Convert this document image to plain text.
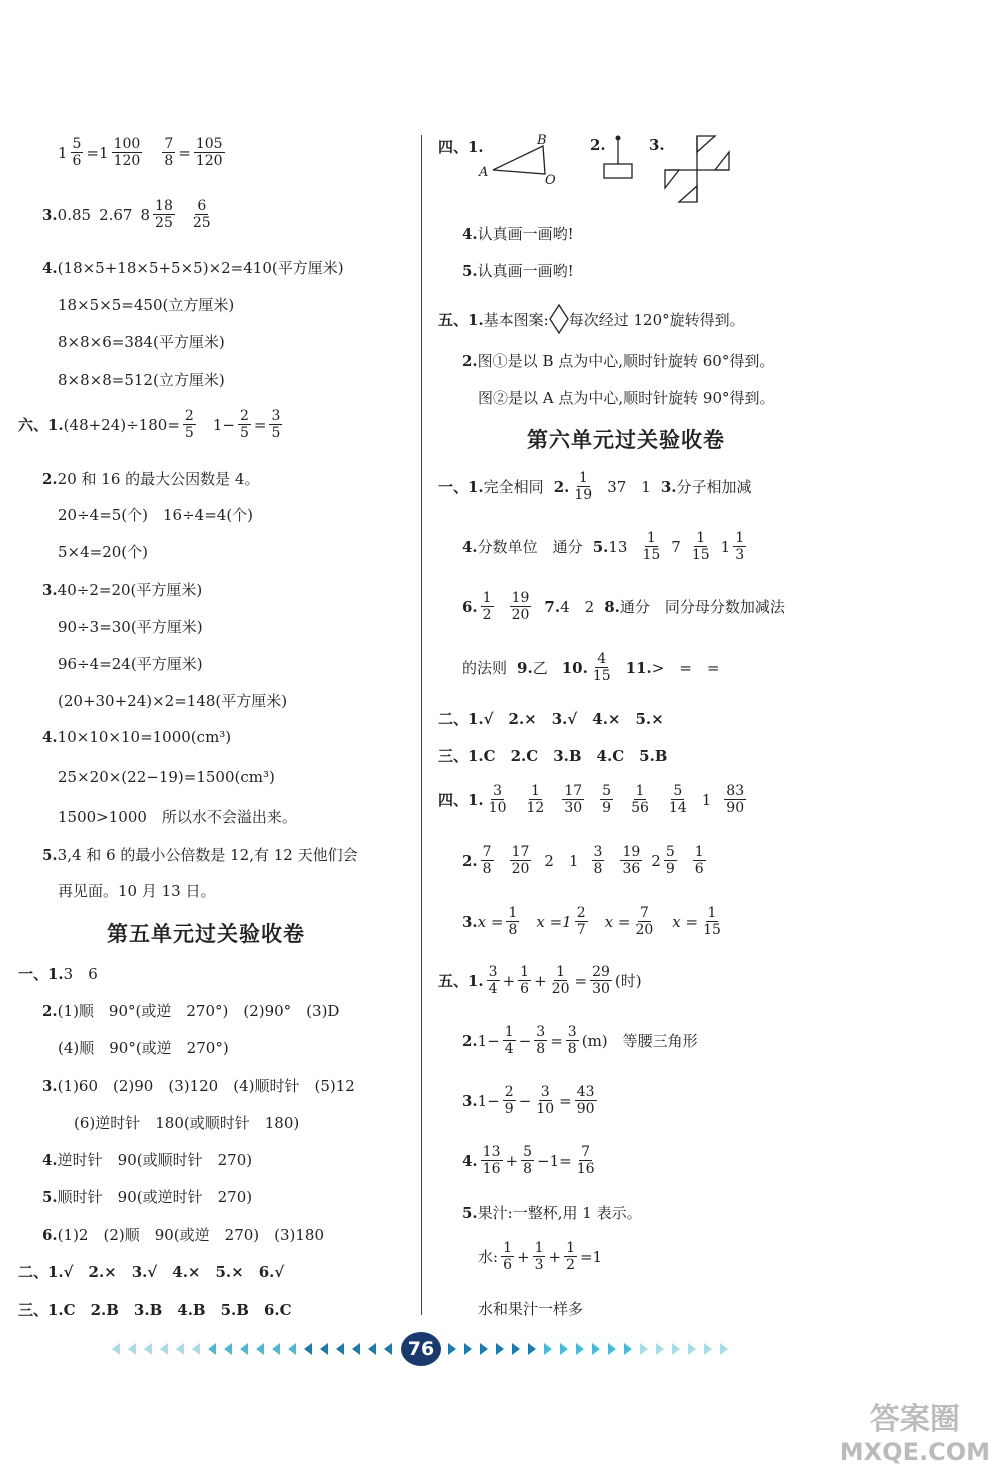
$1 \frac{5}{6} =1 \frac{100}{120} \frac{7}{8} = \frac{105}{120}$
3. 0.85 2.67 $8 \frac{18}{25} \frac{6}{25}$
4. (18×5+18×5+5×5)×2=410(平方厘米)
18×5×5=450(立方厘米)
8×8×6=384(平方厘米)
8×8×8=512(立方厘米)
六、1. $(48+24)\div 180= \frac{2}{5} 1- \frac{2}{5} = \frac{3}{5}$
2. 20 和 16 的最大公因数是 4。
20÷4=5(个)　16÷4=4(个)
5×4=20(个)
3. 40÷2=20(平方厘米)
90÷3=30(平方厘米)
96÷4=24(平方厘米)
(20+30+24)×2=148(平方厘米)
4. 10×10×10=1000(cm³)
25×20×(22−19)=1500(cm³)
1500>1000　所以水不会溢出来。
5. 3,4 和 6 的最小公倍数是 12,有 12 天他们会
再见面。10 月 13 日。
第五单元过关验收卷
一、1. 3　6
2. (1)顺　90°(或逆　270°)　(2)90°　(3)D
(4)顺　90°(或逆　270°)
3. (1)60　(2)90　(3)120　(4)顺时针　(5)12
(6)逆时针　180(或顺时针　180)
4. 逆时针　90(或顺时针　270)
5. 顺时针　90(或逆时针　270)
6. (1)2　(2)顺　90(或逆　270)　(3)180
二、1.√　2.×　3.√　4.×　5.×　6.√
三、1.C　2.B　3.B　4.B　5.B　6.C
四、1.	B
A
O
2.	3.
4. 认真画一画哟!
5. 认真画一画哟!
五、1. 基本图案: 每次经过 120°旋转得到。
2. 图①是以 B 点为中心,顺时针旋转 60°得到。
图②是以 A 点为中心,顺时针旋转 90°得到。
第六单元过关验收卷
一、1. 完全相同 2. $\frac{1}{19} 37$　1 3. 分子相加减
4. 分数单位　通分 5. $13 \frac{1}{15} 7 \frac{1}{15} 1 \frac{1}{3}$
6. $\frac{1}{2} \frac{19}{20} 7$. 4　2 8. 通分　同分母分数加减法
的法则 9. 乙 10. $\frac{4}{15} 11$. >　=　=
二、1.√　2.×　3.√　4.×　5.×
三、1.C　2.C　3.B　4.C　5.B
四、1. $\frac{3}{10} \frac{1}{12} \frac{17}{30} \frac{5}{9} \frac{1}{56} \frac{5}{14} 1 \frac{83}{90}$
2. $\frac{7}{8} \frac{17}{20} 2$　$1 \frac{3}{8} \frac{19}{36} 2 \frac{5}{9} \frac{1}{6}$
3. $x = \frac{1}{8}$ $x =1 \frac{2}{7}$ $x = \frac{7}{20}$ $x = \frac{1}{15}$
五、1. $\frac{3}{4} + \frac{1}{6} + \frac{1}{20} = \frac{29}{30}$ (时)
2. $1- \frac{1}{4} - \frac{3}{8} = \frac{3}{8} (m)$　等腰三角形
3. $1- \frac{2}{9} - \frac{3}{10} = \frac{43}{90}$
4. $\frac{13}{16} + \frac{5}{8} -1= \frac{7}{16}$
5. 果汁:一整杯,用 1 表示。
水: $\frac{1}{6} + \frac{1}{3} + \frac{1}{2} =1$
水和果汁一样多
76
答案圈
MXQE.COM
